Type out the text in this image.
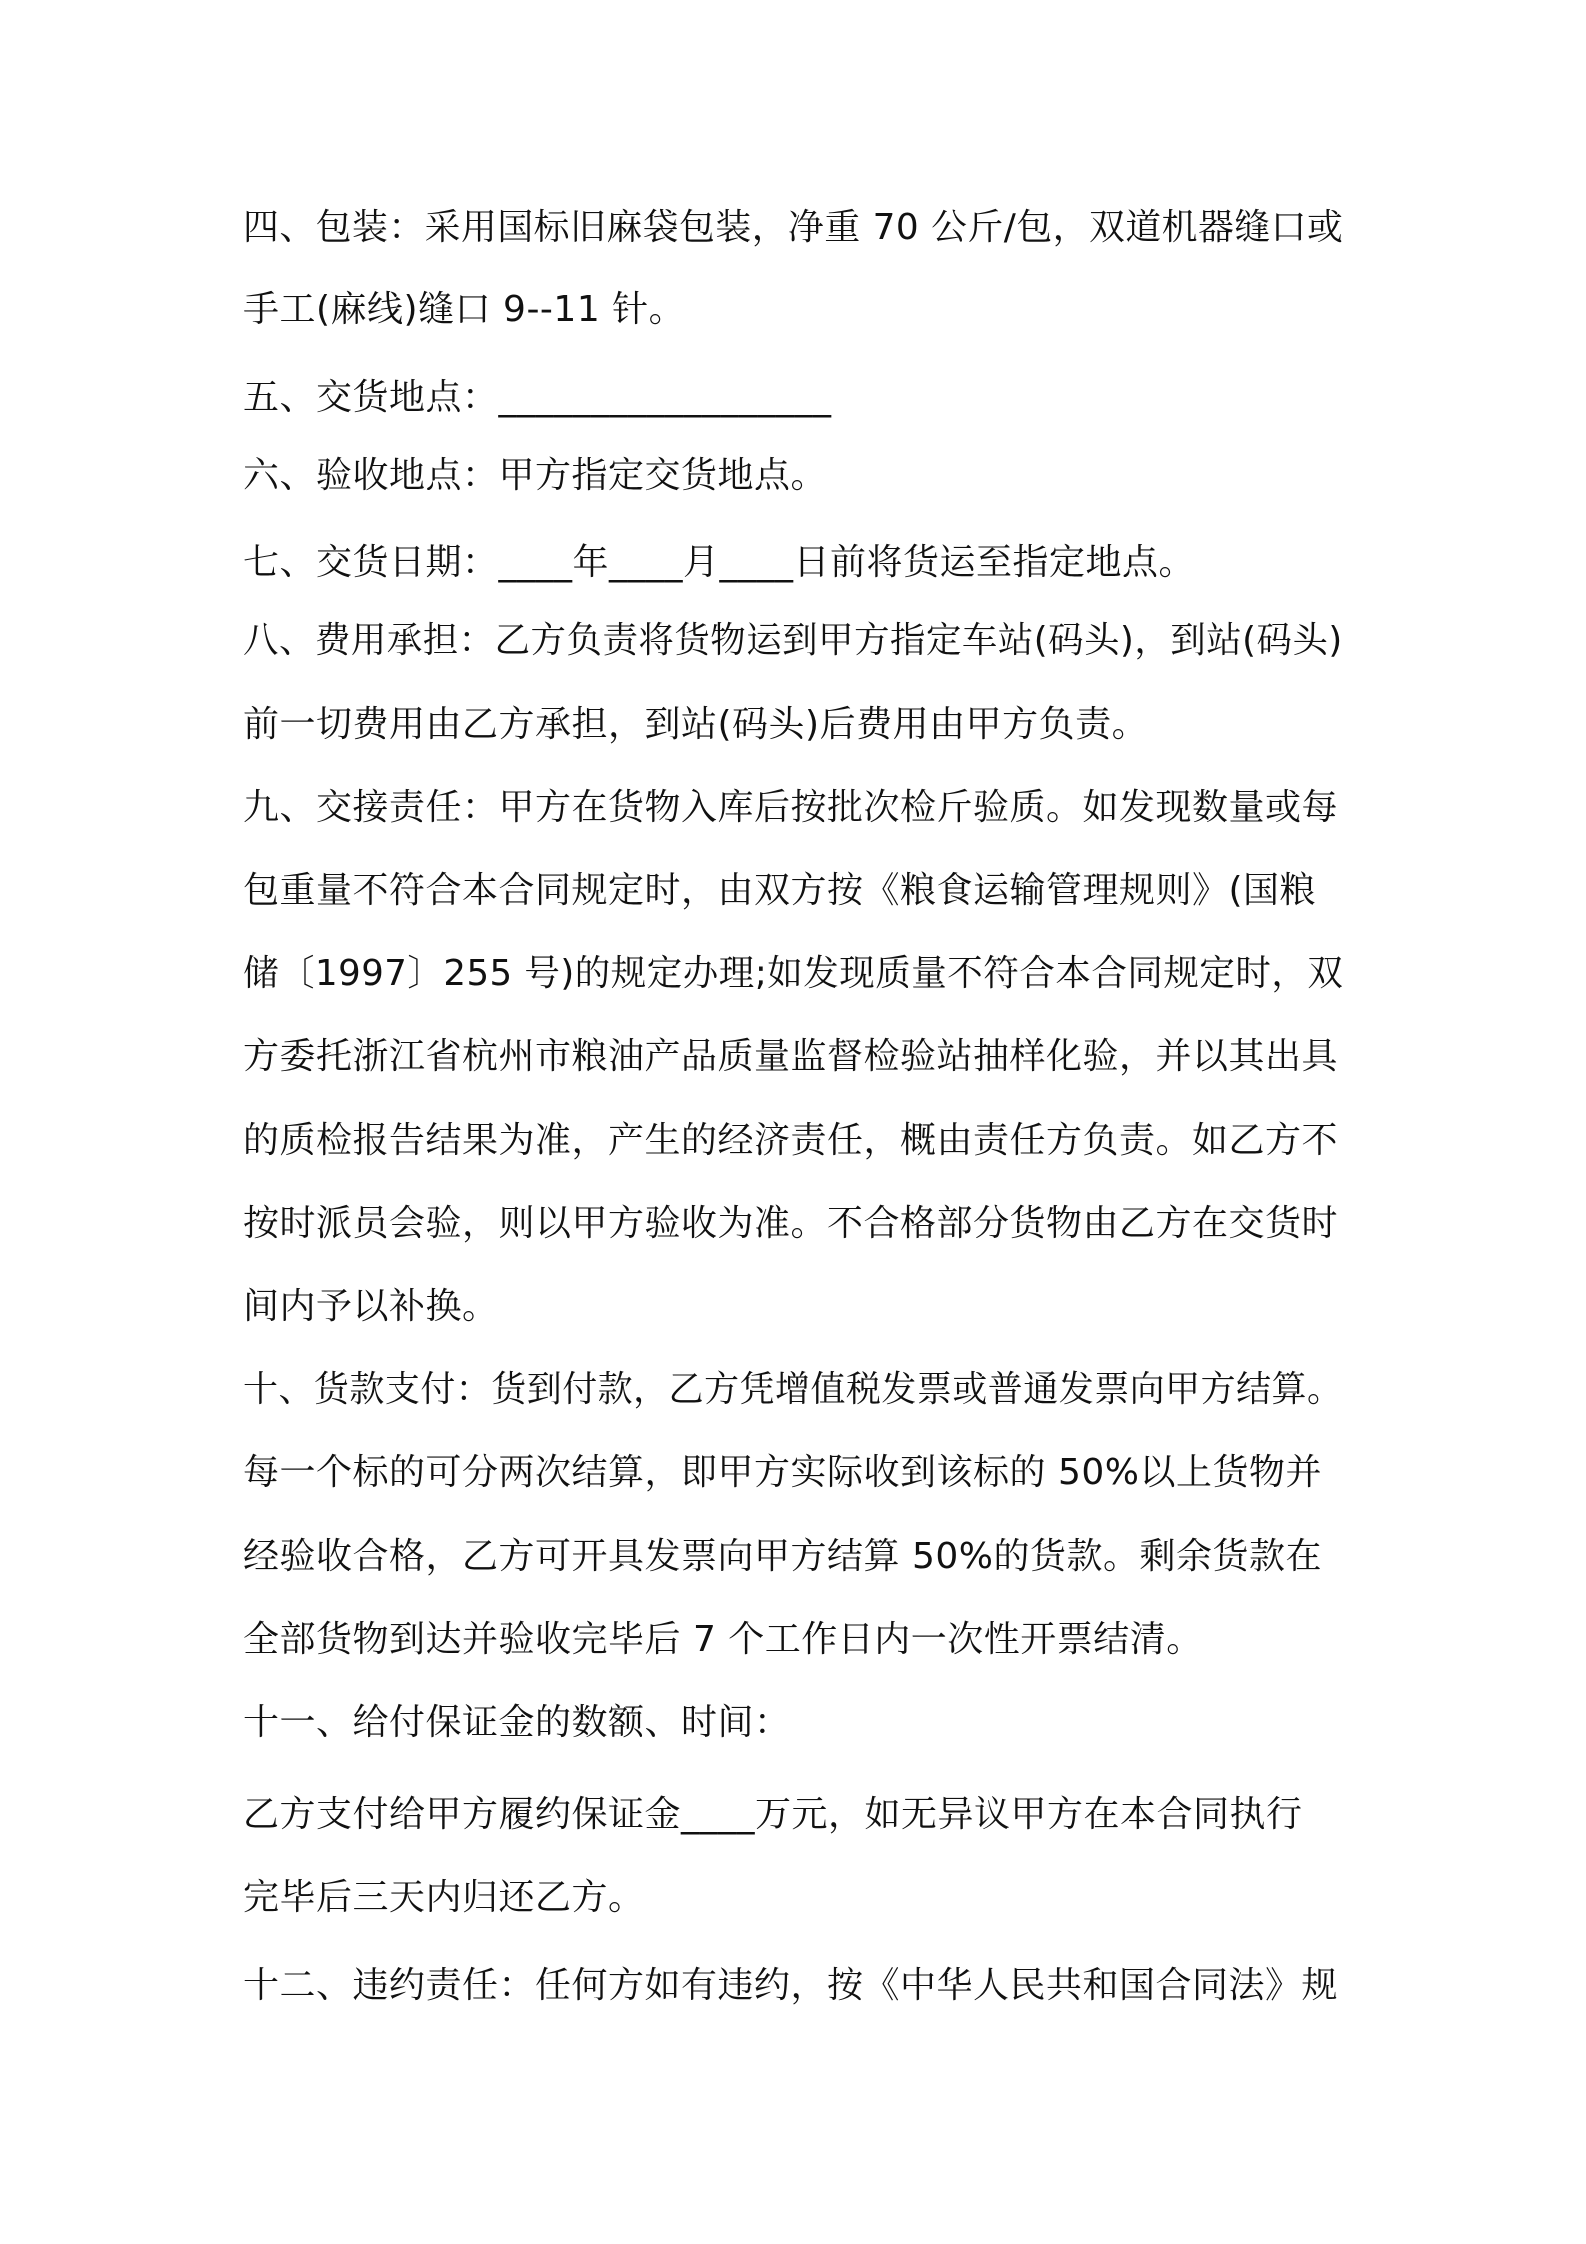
四、包装：采用国标旧麻袋包装，净重 70 公斤/包，双道机器缝口或
手工(麻线)缝口 9--11 针。
五、交货地点：__________________
六、验收地点：甲方指定交货地点。
七、交货日期：____年____月____日前将货运至指定地点。
八、费用承担：乙方负责将货物运到甲方指定车站(码头)，到站(码头)
前一切费用由乙方承担，到站(码头)后费用由甲方负责。
九、交接责任：甲方在货物入库后按批次检斤验质。如发现数量或每
包重量不符合本合同规定时，由双方按《粮食运输管理规则》(国粮
储〔1997〕255 号)的规定办理;如发现质量不符合本合同规定时，双
方委托浙江省杭州市粮油产品质量监督检验站抽样化验，并以其出具
的质检报告结果为准，产生的经济责任，概由责任方负责。如乙方不
按时派员会验，则以甲方验收为准。不合格部分货物由乙方在交货时
间内予以补换。
十、货款支付：货到付款，乙方凭增值税发票或普通发票向甲方结算。
每一个标的可分两次结算，即甲方实际收到该标的 50%以上货物并
经验收合格，乙方可开具发票向甲方结算 50%的货款。剩余货款在
全部货物到达并验收完毕后 7 个工作日内一次性开票结清。
十一、给付保证金的数额、时间：
乙方支付给甲方履约保证金____万元，如无异议甲方在本合同执行
完毕后三天内归还乙方。
十二、违约责任：任何方如有违约，按《中华人民共和国合同法》规
